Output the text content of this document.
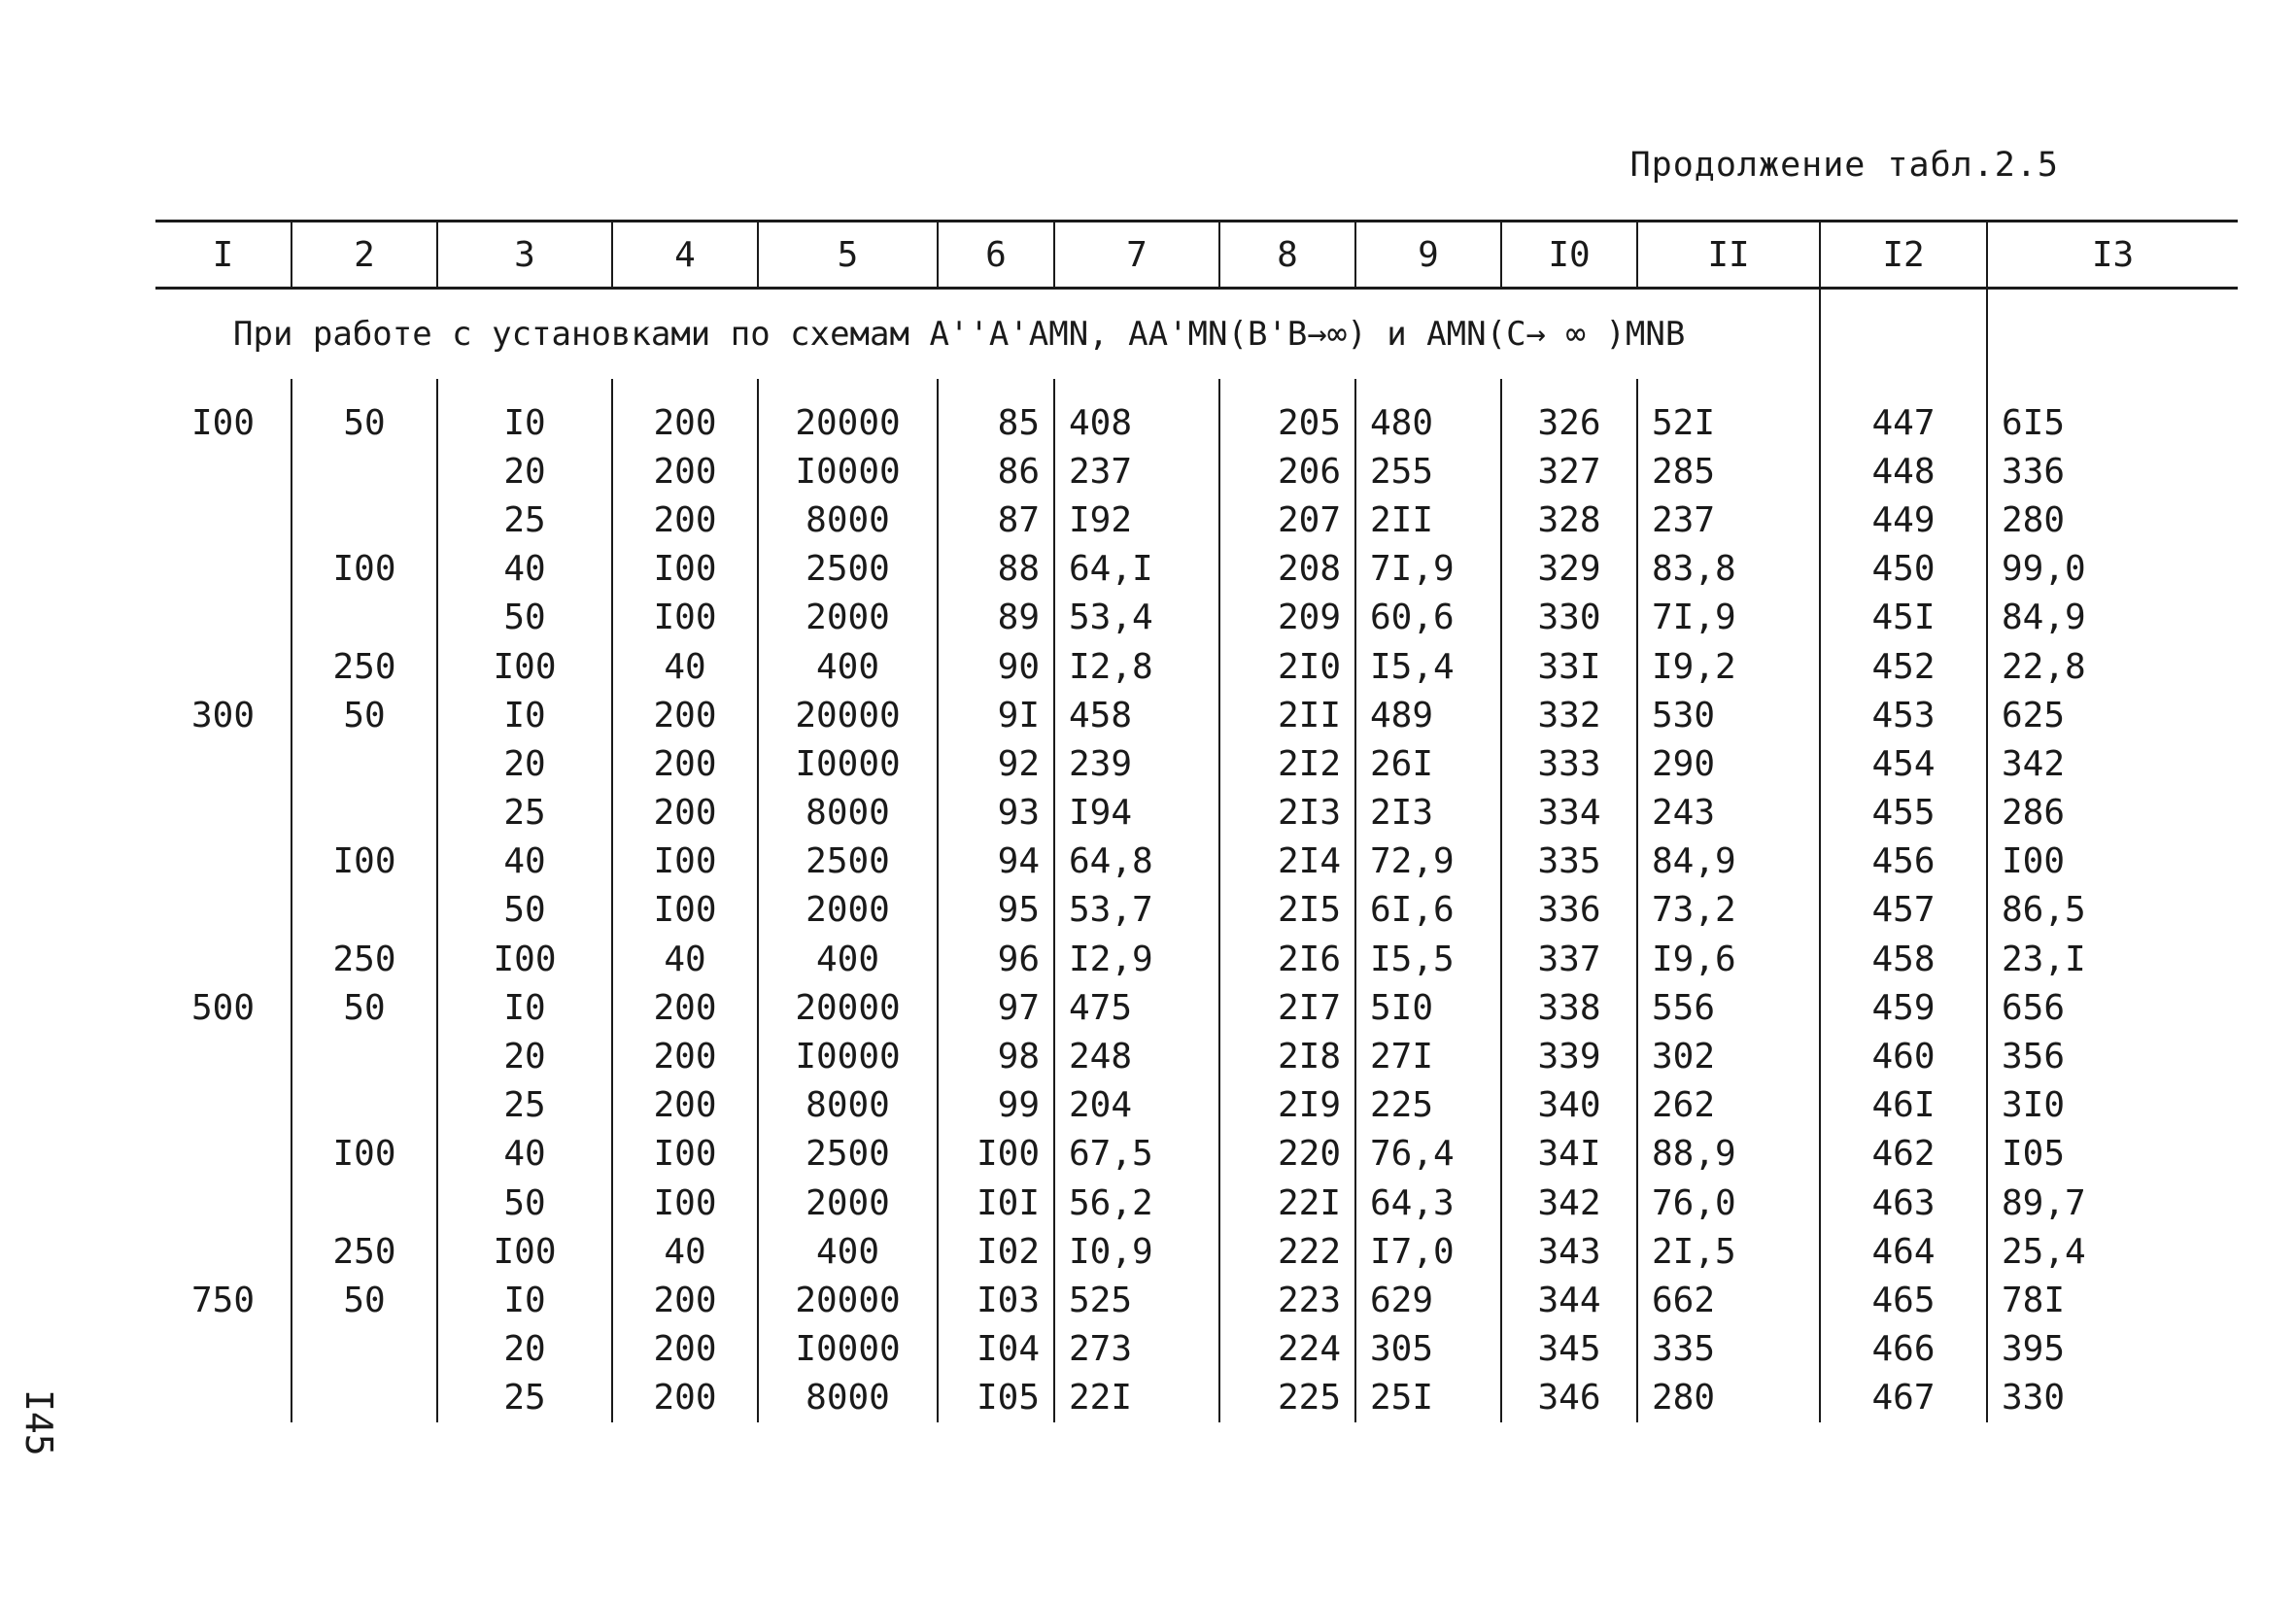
Продолжение табл.2.5
I	2	3	4	5	6	7	8	9	I0	II	I2	I3
При работе с установками по схемам A''A'AMN, AA'MN(B'B→∞) и AMN(C→ ∞ )MNB												

I00	50	I0	200	20000	85	408	205	480	326	52I	447	6I5
		20	200	I0000	86	237	206	255	327	285	448	336
		25	200	8000	87	I92	207	2II	328	237	449	280
	I00	40	I00	2500	88	64,I	208	7I,9	329	83,8	450	99,0
		50	I00	2000	89	53,4	209	60,6	330	7I,9	45I	84,9
	250	I00	40	400	90	I2,8	2I0	I5,4	33I	I9,2	452	22,8
300	50	I0	200	20000	9I	458	2II	489	332	530	453	625
		20	200	I0000	92	239	2I2	26I	333	290	454	342
		25	200	8000	93	I94	2I3	2I3	334	243	455	286
	I00	40	I00	2500	94	64,8	2I4	72,9	335	84,9	456	I00
		50	I00	2000	95	53,7	2I5	6I,6	336	73,2	457	86,5
	250	I00	40	400	96	I2,9	2I6	I5,5	337	I9,6	458	23,I
500	50	I0	200	20000	97	475	2I7	5I0	338	556	459	656
		20	200	I0000	98	248	2I8	27I	339	302	460	356
		25	200	8000	99	204	2I9	225	340	262	46I	3I0
	I00	40	I00	2500	I00	67,5	220	76,4	34I	88,9	462	I05
		50	I00	2000	I0I	56,2	22I	64,3	342	76,0	463	89,7
	250	I00	40	400	I02	I0,9	222	I7,0	343	2I,5	464	25,4
750	50	I0	200	20000	I03	525	223	629	344	662	465	78I
		20	200	I0000	I04	273	224	305	345	335	466	395
		25	200	8000	I05	22I	225	25I	346	280	467	330
I45
